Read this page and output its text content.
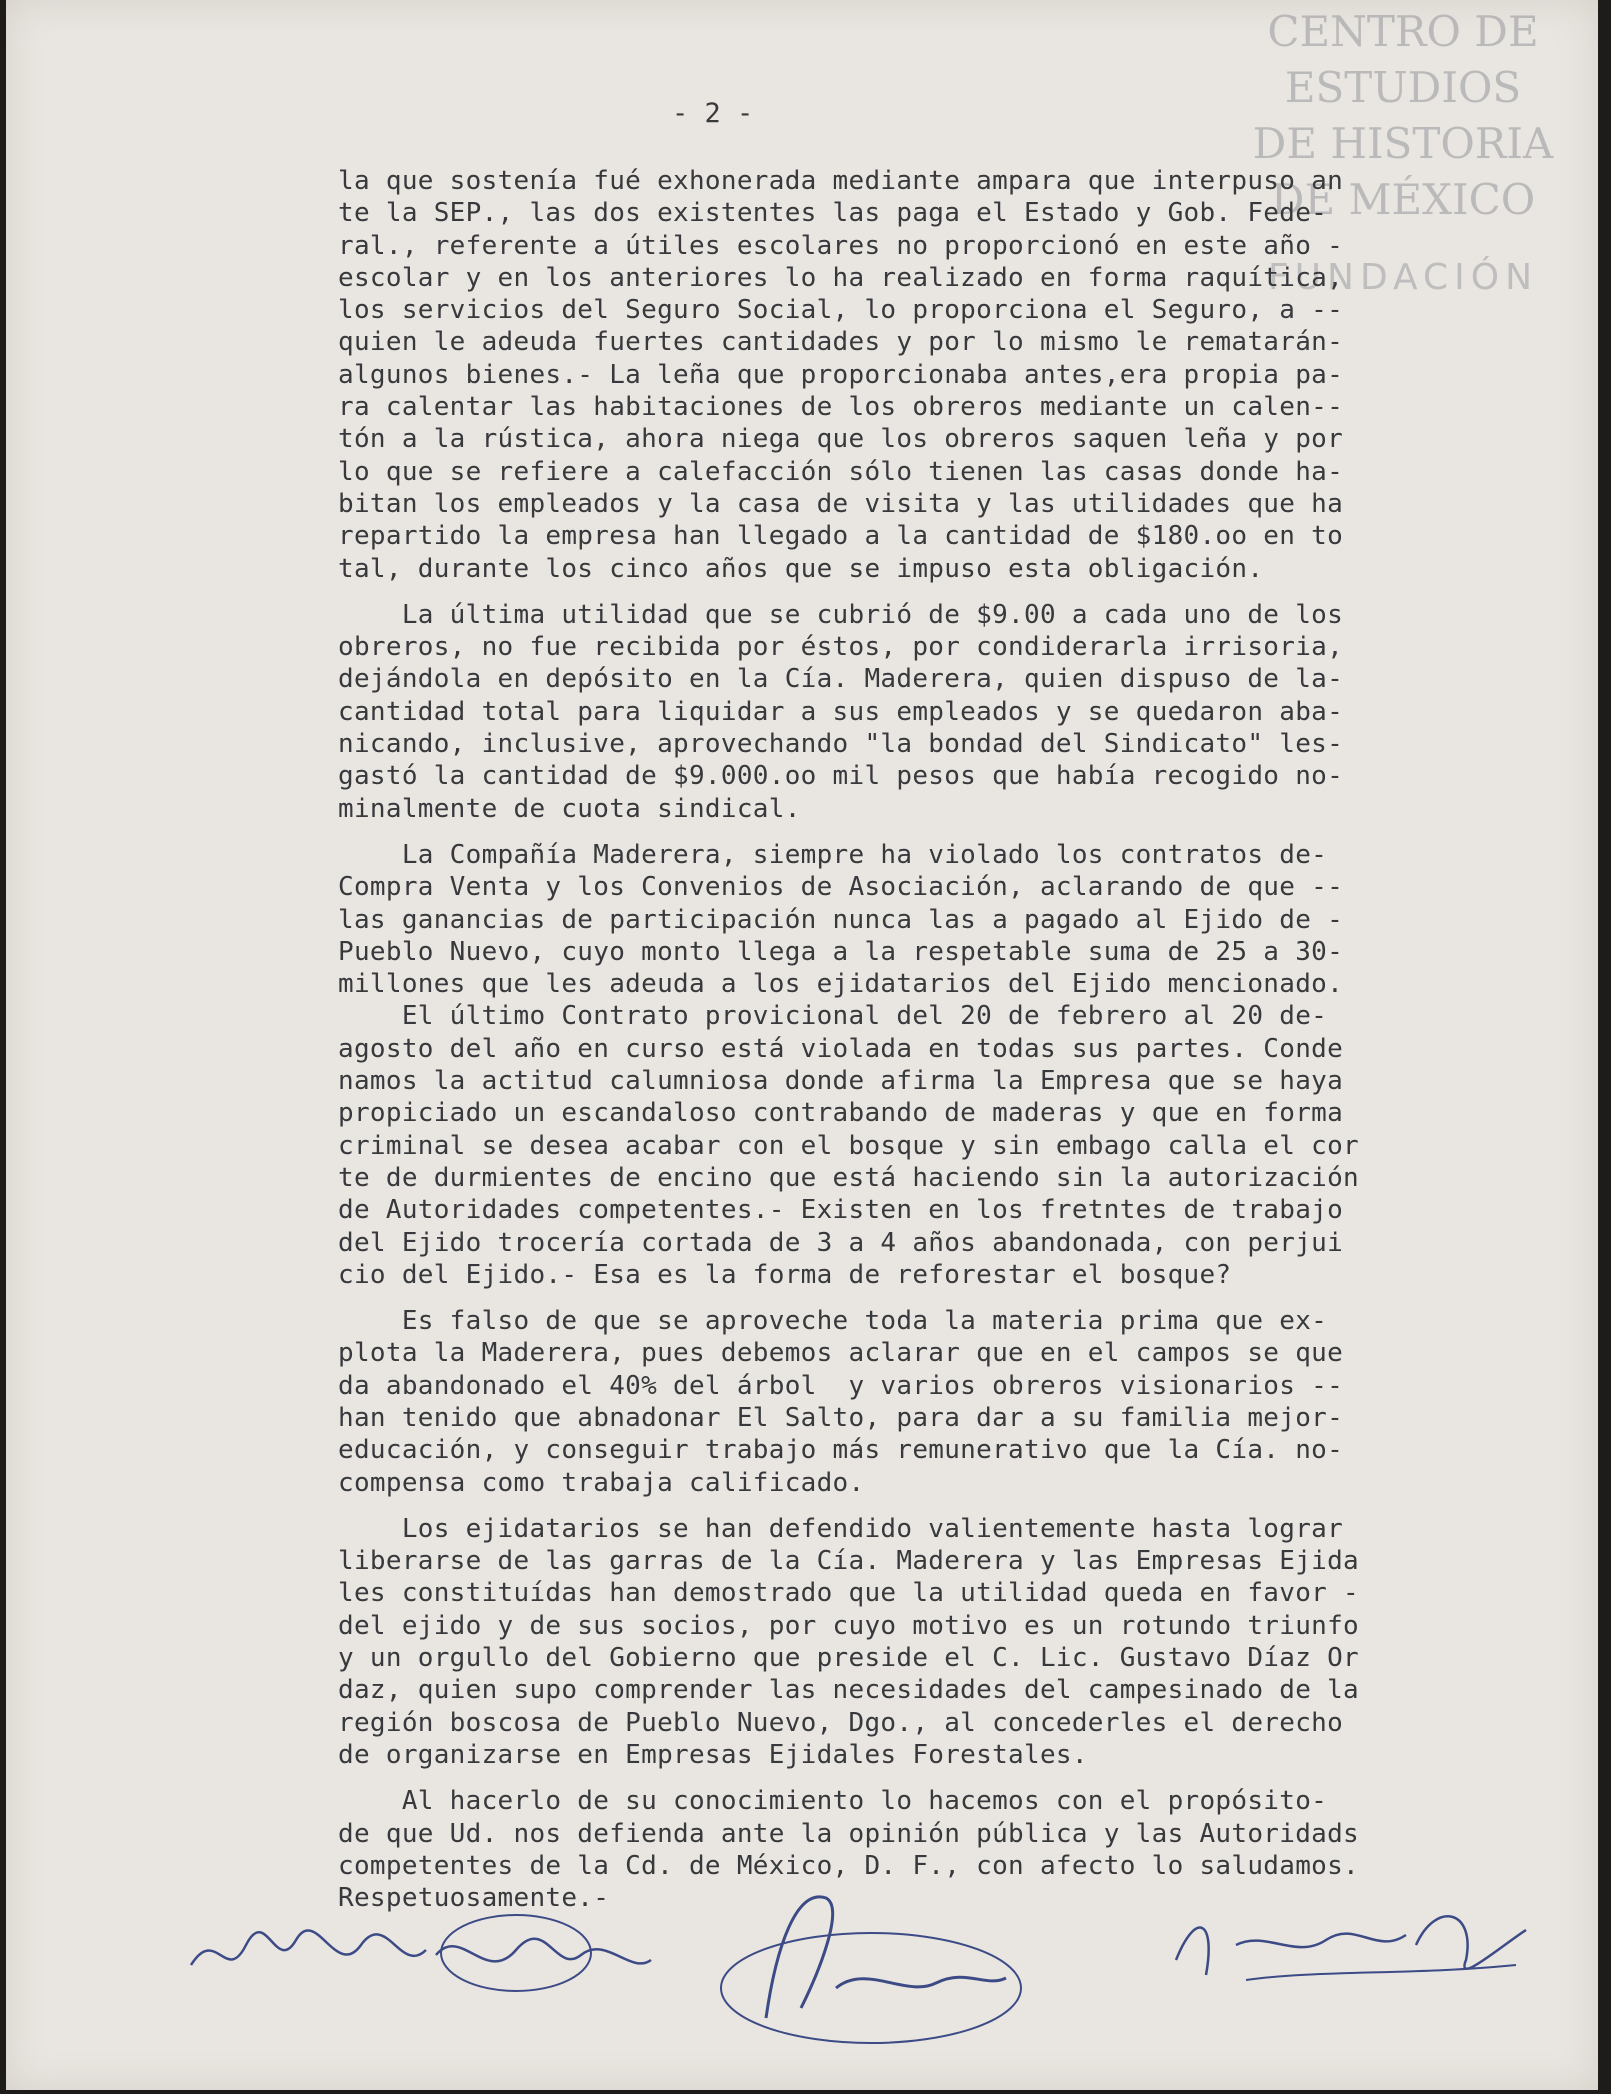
CENTRO DE
ESTUDIOS
DE HISTORIA
DE MÉXICO
FUNDACIÓN
- 2 -
la que sostenía fué exhonerada mediante ampara que interpuso an
te la SEP., las dos existentes las paga el Estado y Gob. Fede-
ral., referente a útiles escolares no proporcionó en este año -
escolar y en los anteriores lo ha realizado en forma raquítica,
los servicios del Seguro Social, lo proporciona el Seguro, a --
quien le adeuda fuertes cantidades y por lo mismo le rematarán-
algunos bienes.- La leña que proporcionaba antes,era propia pa-
ra calentar las habitaciones de los obreros mediante un calen--
tón a la rústica, ahora niega que los obreros saquen leña y por
lo que se refiere a calefacción sólo tienen las casas donde ha-
bitan los empleados y la casa de visita y las utilidades que ha
repartido la empresa han llegado a la cantidad de $180.oo en to
tal, durante los cinco años que se impuso esta obligación.
La última utilidad que se cubrió de $9.00 a cada uno de los
obreros, no fue recibida por éstos, por condiderarla irrisoria,
dejándola en depósito en la Cía. Maderera, quien dispuso de la-
cantidad total para liquidar a sus empleados y se quedaron aba-
nicando, inclusive, aprovechando "la bondad del Sindicato" les-
gastó la cantidad de $9.000.oo mil pesos que había recogido no-
minalmente de cuota sindical.
La Compañía Maderera, siempre ha violado los contratos de-
Compra Venta y los Convenios de Asociación, aclarando de que --
las ganancias de participación nunca las a pagado al Ejido de -
Pueblo Nuevo, cuyo monto llega a la respetable suma de 25 a 30-
millones que les adeuda a los ejidatarios del Ejido mencionado.
El último Contrato provicional del 20 de febrero al 20 de-
agosto del año en curso está violada en todas sus partes. Conde
namos la actitud calumniosa donde afirma la Empresa que se haya
propiciado un escandaloso contrabando de maderas y que en forma
criminal se desea acabar con el bosque y sin embago calla el cor
te de durmientes de encino que está haciendo sin la autorización
de Autoridades competentes.- Existen en los fretntes de trabajo
del Ejido trocería cortada de 3 a 4 años abandonada, con perjui
cio del Ejido.- Esa es la forma de reforestar el bosque?
Es falso de que se aproveche toda la materia prima que ex-
plota la Maderera, pues debemos aclarar que en el campos se que
da abandonado el 40% del árbol  y varios obreros visionarios --
han tenido que abnadonar El Salto, para dar a su familia mejor-
educación, y conseguir trabajo más remunerativo que la Cía. no-
compensa como trabaja calificado.
Los ejidatarios se han defendido valientemente hasta lograr
liberarse de las garras de la Cía. Maderera y las Empresas Ejida
les constituídas han demostrado que la utilidad queda en favor -
del ejido y de sus socios, por cuyo motivo es un rotundo triunfo
y un orgullo del Gobierno que preside el C. Lic. Gustavo Díaz Or
daz, quien supo comprender las necesidades del campesinado de la
región boscosa de Pueblo Nuevo, Dgo., al concederles el derecho
de organizarse en Empresas Ejidales Forestales.
Al hacerlo de su conocimiento lo hacemos con el propósito-
de que Ud. nos defienda ante la opinión pública y las Autoridads
competentes de la Cd. de México, D. F., con afecto lo saludamos.
Respetuosamente.-
